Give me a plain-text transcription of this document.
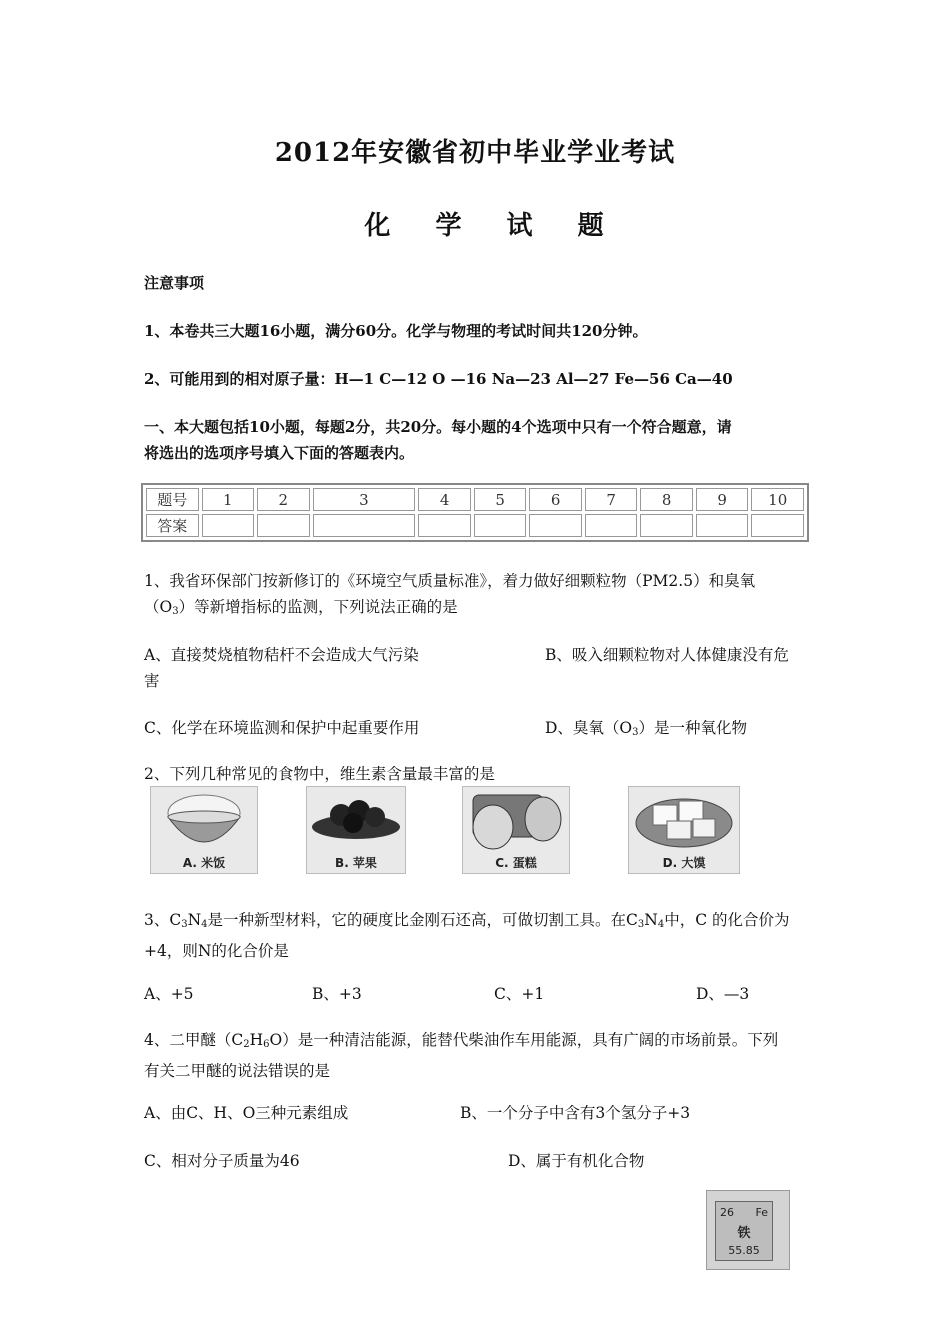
2012年安徽省初中毕业学业考试
化 学 试 题
注意事项
1、本卷共三大题16小题，满分60分。化学与物理的考试时间共120分钟。
2、可能用到的相对原子量：H—1 C—12 O —16 Na—23 Al—27 Fe—56 Ca—40
一、本大题包括10小题，每题2分，共20分。每小题的4个选项中只有一个符合题意，请
将选出的选项序号填入下面的答题表内。
题号	1	2	3	4	5	6	7	8	9	10
答案										
1、我省环保部门按新修订的《环境空气质量标准》，着力做好细颗粒物（PM2.5）和臭氧
$(O_3)$等新增指标的监测，下列说法正确的是
A、直接焚烧植物秸杆不会造成大气污染	B、吸入细颗粒物对人体健康没有危
害
C、化学在环境监测和保护中起重要作用	D、臭氧$(O_3)$是一种氧化物
2、下列几种常见的食物中，维生素含量最丰富的是
A. 米饭	B. 苹果	C. 蛋糕	D. 大馍
3、$C_3N_4$是一种新型材料，它的硬度比金刚石还高，可做切割工具。在$C_3N_4$中，C 的化合价为
+4，则N的化合价是
A、+5	B、+3	C、+1	D、—3
4、二甲醚$(C_2H_6O)$是一种清洁能源，能替代柴油作车用能源，具有广阔的市场前景。下列
有关二甲醚的说法错误的是
A、由C、H、O三种元素组成	B、一个分子中含有3个氢分子+3
C、相对分子质量为46	D、属于有机化合物
26 Fe
铁
55.85
